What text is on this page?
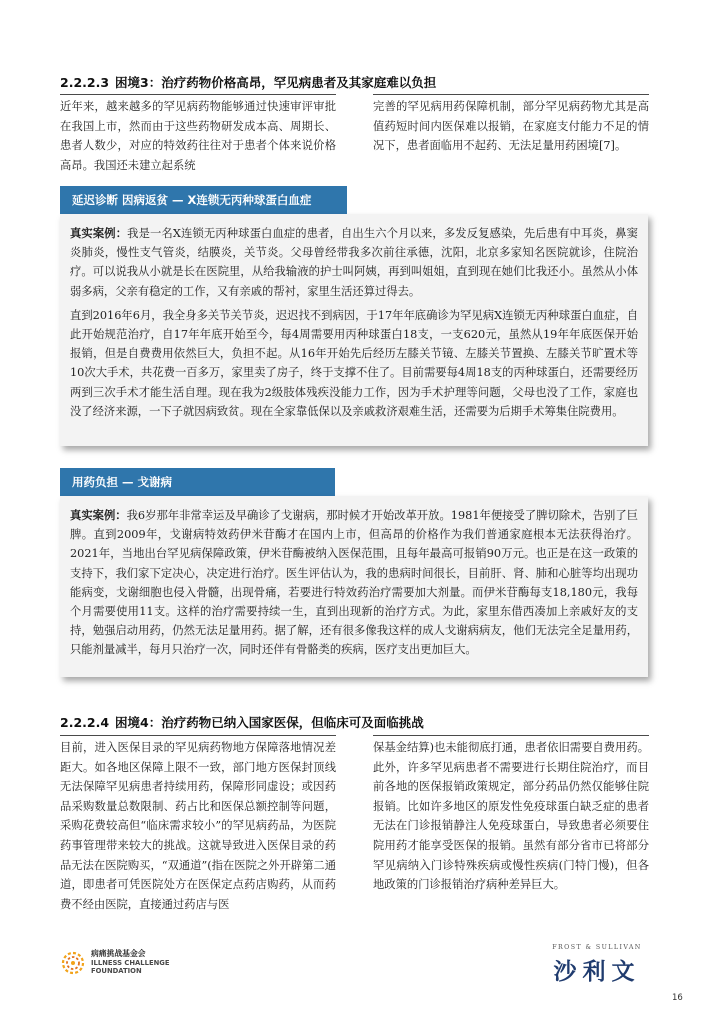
2.2.2.3 困境3：治疗药物价格高昂，罕见病患者及其家庭难以负担
近年来，越来越多的罕见病药物能够通过快速审评审批在我国上市，然而由于这些药物研发成本高、周期长、患者人数少，对应的特效药往往对于患者个体来说价格高昂。我国还未建立起系统
完善的罕见病用药保障机制，部分罕见病药物尤其是高值药短时间内医保难以报销，在家庭支付能力不足的情况下，患者面临用不起药、无法足量用药困境[7]。
延迟诊断 因病返贫 — X连锁无丙种球蛋白血症

真实案例：我是一名X连锁无丙种球蛋白血症的患者，自出生六个月以来，多发反复感染，先后患有中耳炎，鼻窦炎肺炎，慢性支气管炎，结膜炎，关节炎。父母曾经带我多次前往承德，沈阳，北京多家知名医院就诊，住院治疗。可以说我从小就是长在医院里，从给我输液的护士叫阿姨，再到叫姐姐，直到现在她们比我还小。虽然从小体弱多病，父亲有稳定的工作，又有亲戚的帮衬，家里生活还算过得去。

直到2016年6月，我全身多关节关节炎，迟迟找不到病因，于17年年底确诊为罕见病X连锁无丙种球蛋白血症，自此开始规范治疗，自17年年底开始至今，每4周需要用丙种球蛋白18支，一支620元，虽然从19年年底医保开始报销，但是自费费用依然巨大，负担不起。从16年开始先后经历左膝关节镜、左膝关节置换、左膝关节旷置术等10次大手术，共花费一百多万，家里卖了房子，终于支撑不住了。目前需要每4周18支的丙种球蛋白，还需要经历两到三次手术才能生活自理。现在我为2级肢体残疾没能力工作，因为手术护理等问题，父母也没了工作，家庭也没了经济来源，一下子就因病致贫。现在全家靠低保以及亲戚救济艰难生活，还需要为后期手术筹集住院费用。

用药负担 — 戈谢病

真实案例：我6岁那年非常幸运及早确诊了戈谢病，那时候才开始改革开放。1981年便接受了脾切除术，告别了巨脾。直到2009年，戈谢病特效药伊米苷酶才在国内上市，但高昂的价格作为我们普通家庭根本无法获得治疗。2021年，当地出台罕见病保障政策，伊米苷酶被纳入医保范围，且每年最高可报销90万元。也正是在这一政策的支持下，我们家下定决心，决定进行治疗。医生评估认为，我的患病时间很长，目前肝、肾、肺和心脏等均出现功能病变，戈谢细胞也侵入骨髓，出现骨痛，若要进行特效药治疗需要加大剂量。而伊米苷酶每支18,180元，我每个月需要使用11支。这样的治疗需要持续一生，直到出现新的治疗方式。为此，家里东借西凑加上亲戚好友的支持，勉强启动用药，仍然无法足量用药。据了解，还有很多像我这样的成人戈谢病病友，他们无法完全足量用药，只能剂量减半，每月只治疗一次，同时还伴有骨骼类的疾病，医疗支出更加巨大。

2.2.2.4 困境4：治疗药物已纳入国家医保，但临床可及面临挑战
目前，进入医保目录的罕见病药物地方保障落地情况差距大。如各地区保障上限不一致，部门地方医保封顶线无法保障罕见病患者持续用药，保障形同虚设；或因药品采购数量总数限制、药占比和医保总额控制等问题，采购花费较高但“临床需求较小”的罕见病药品，为医院药事管理带来较大的挑战。这就导致进入医保目录的药品无法在医院购买，“双通道”(指在医院之外开辟第二通道，即患者可凭医院处方在医保定点药店购药，从而药费不经由医院，直接通过药店与医
保基金结算)也未能彻底打通，患者依旧需要自费用药。此外，许多罕见病患者不需要进行长期住院治疗，而目前各地的医保报销政策规定，部分药品仍然仅能够住院报销。比如许多地区的原发性免疫球蛋白缺乏症的患者无法在门诊报销静注人免疫球蛋白，导致患者必须要住院用药才能享受医保的报销。虽然有部分省市已将部分罕见病纳入门诊特殊疾病或慢性疾病(门特门慢)，但各地政策的门诊报销治疗病种差异巨大。
病痛挑战基金会
ILLNESS CHALLENGE
FOUNDATION
FROST & SULLIVAN
沙利文
16
